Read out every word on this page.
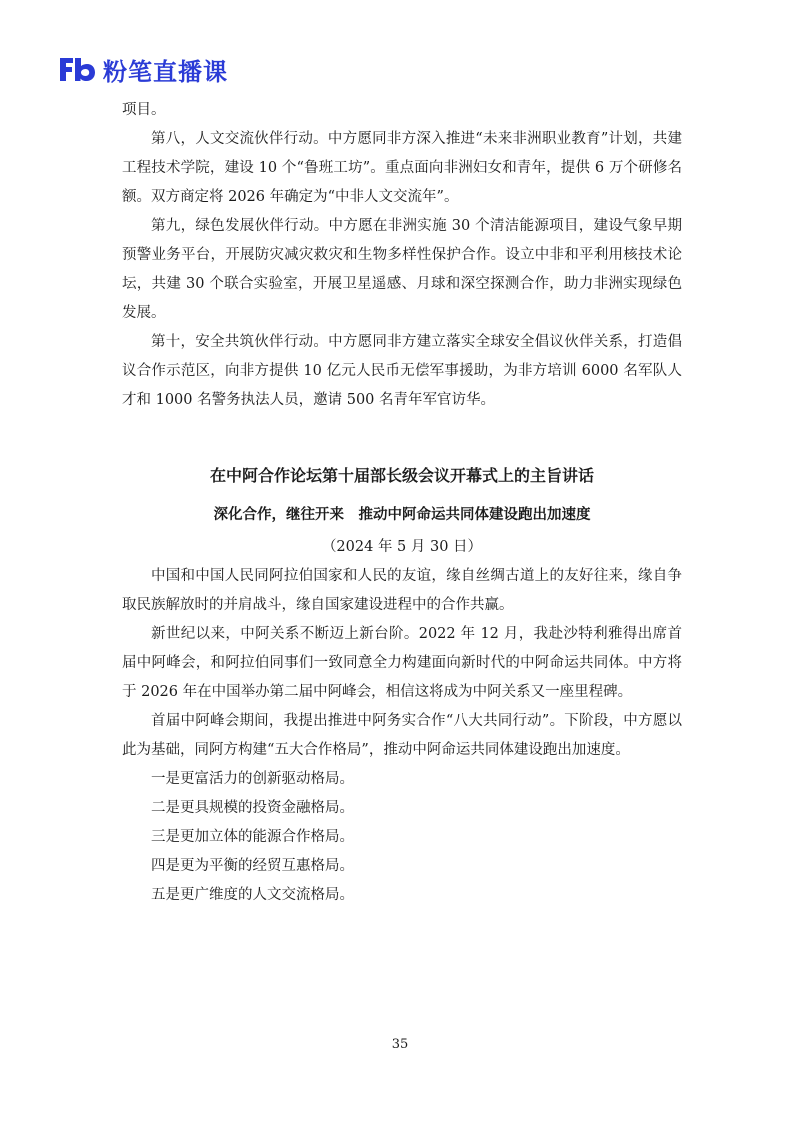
粉笔直播课

项目。

第八，人文交流伙伴行动。中方愿同非方深入推进“未来非洲职业教育”计划，共建工程技术学院，建设 10 个“鲁班工坊”。重点面向非洲妇女和青年，提供 6 万个研修名额。双方商定将 2026 年确定为“中非人文交流年”。

第九，绿色发展伙伴行动。中方愿在非洲实施 30 个清洁能源项目，建设气象早期预警业务平台，开展防灾减灾救灾和生物多样性保护合作。设立中非和平利用核技术论坛，共建 30 个联合实验室，开展卫星遥感、月球和深空探测合作，助力非洲实现绿色发展。

第十，安全共筑伙伴行动。中方愿同非方建立落实全球安全倡议伙伴关系，打造倡议合作示范区，向非方提供 10 亿元人民币无偿军事援助，为非方培训 6000 名军队人才和 1000 名警务执法人员，邀请 500 名青年军官访华。

在中阿合作论坛第十届部长级会议开幕式上的主旨讲话
深化合作，继往开来　推动中阿命运共同体建设跑出加速度

（2024 年 5 月 30 日）

中国和中国人民同阿拉伯国家和人民的友谊，缘自丝绸古道上的友好往来，缘自争取民族解放时的并肩战斗，缘自国家建设进程中的合作共赢。

新世纪以来，中阿关系不断迈上新台阶。2022 年 12 月，我赴沙特利雅得出席首届中阿峰会，和阿拉伯同事们一致同意全力构建面向新时代的中阿命运共同体。中方将于 2026 年在中国举办第二届中阿峰会，相信这将成为中阿关系又一座里程碑。

首届中阿峰会期间，我提出推进中阿务实合作“八大共同行动”。下阶段，中方愿以此为基础，同阿方构建“五大合作格局”，推动中阿命运共同体建设跑出加速度。

一是更富活力的创新驱动格局。

二是更具规模的投资金融格局。

三是更加立体的能源合作格局。

四是更为平衡的经贸互惠格局。

五是更广维度的人文交流格局。

35
